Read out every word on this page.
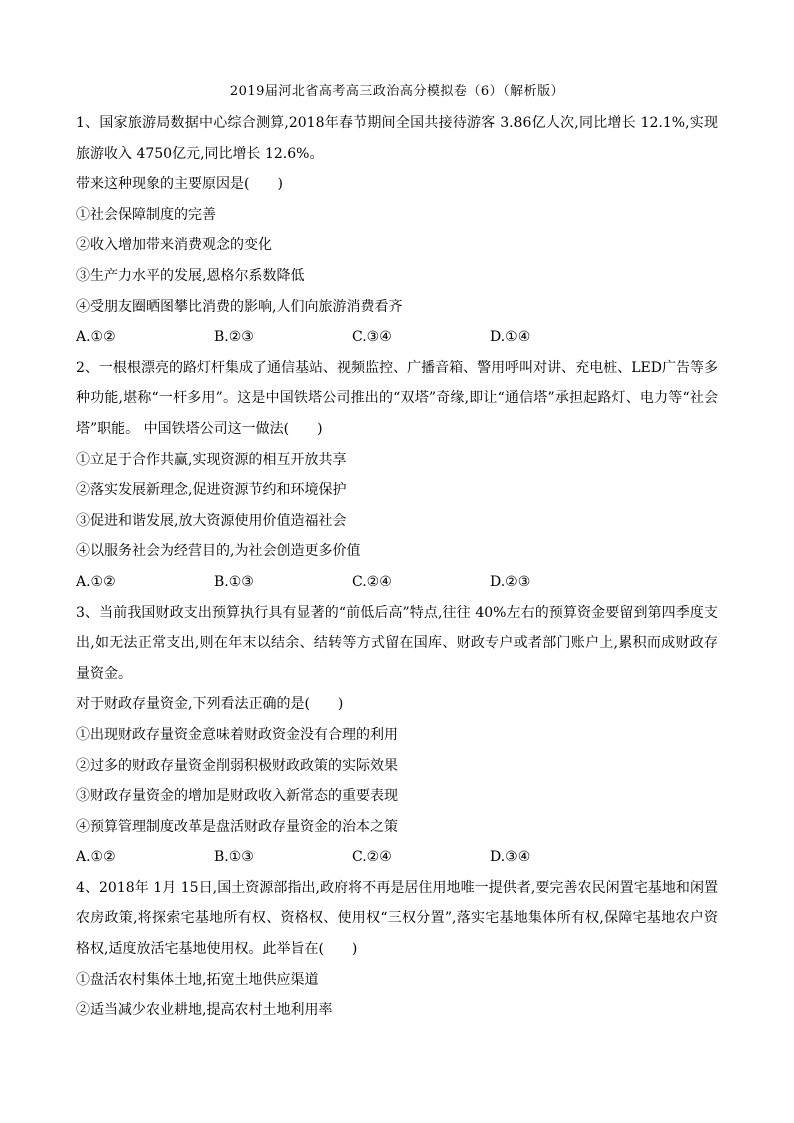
2019届河北省高考高三政治高分模拟卷（6）（解析版）
1、国家旅游局数据中心综合测算,2018年春节期间全国共接待游客 3.86亿人次,同比增长 12.1%,实现旅游收入 4750亿元,同比增长 12.6%。
带来这种现象的主要原因是(　　)
①社会保障制度的完善
②收入增加带来消费观念的变化
③生产力水平的发展,恩格尔系数降低
④受朋友圈晒图攀比消费的影响,人们向旅游消费看齐
A.①②	B.②③	C.③④	D.①④
2、一根根漂亮的路灯杆集成了通信基站、视频监控、广播音箱、警用呼叫对讲、充电桩、LED广告等多种功能,堪称“一杆多用”。这是中国铁塔公司推出的“双塔”奇缘,即让“通信塔”承担起路灯、电力等“社会塔”职能。 中国铁塔公司这一做法(　　)
①立足于合作共赢,实现资源的相互开放共享
②落实发展新理念,促进资源节约和环境保护
③促进和谐发展,放大资源使用价值造福社会
④以服务社会为经营目的,为社会创造更多价值
A.①②	B.①③	C.②④	D.②③
3、当前我国财政支出预算执行具有显著的“前低后高”特点,往往 40%左右的预算资金要留到第四季度支出,如无法正常支出,则在年末以结余、结转等方式留在国库、财政专户或者部门账户上,累积而成财政存量资金。
对于财政存量资金,下列看法正确的是(　　)
①出现财政存量资金意味着财政资金没有合理的利用
②过多的财政存量资金削弱积极财政政策的实际效果
③财政存量资金的增加是财政收入新常态的重要表现
④预算管理制度改革是盘活财政存量资金的治本之策
A.①②	B.①③	C.②④	D.③④
4、2018年 1月 15日,国土资源部指出,政府将不再是居住用地唯一提供者,要完善农民闲置宅基地和闲置农房政策,将探索宅基地所有权、资格权、使用权“三权分置”,落实宅基地集体所有权,保障宅基地农户资格权,适度放活宅基地使用权。此举旨在(　　)
①盘活农村集体土地,拓宽土地供应渠道
②适当减少农业耕地,提高农村土地利用率
